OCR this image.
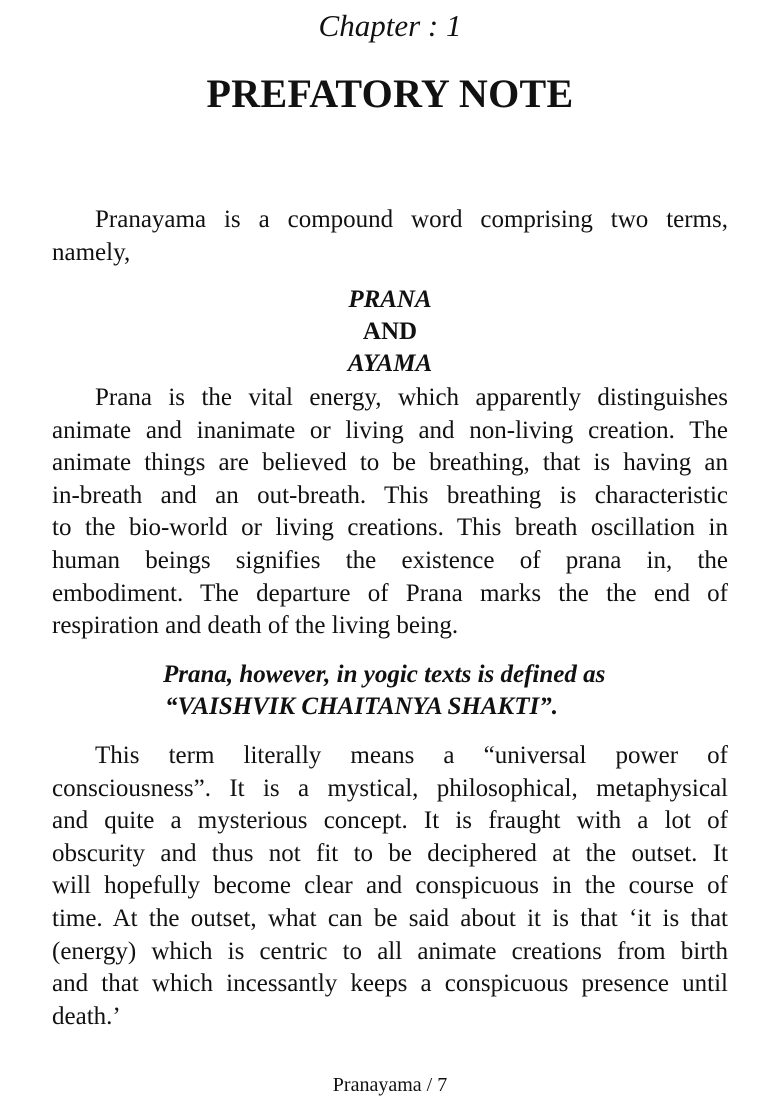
Chapter : 1
PREFATORY NOTE
Pranayama is a compound word comprising two terms,
namely,
PRANA
AND
AYAMA
Prana is the vital energy, which apparently distinguishes
animate and inanimate or living and non-living creation. The
animate things are believed to be breathing, that is having an
in-breath and an out-breath. This breathing is characteristic
to the bio-world or living creations. This breath oscillation in
human beings signifies the existence of prana in, the
embodiment. The departure of Prana marks the the end of
respiration and death of the living being.
Prana, however, in yogic texts is defined as
“VAISHVIK CHAITANYA SHAKTI”.
This term literally means a “universal power of
consciousness”. It is a mystical, philosophical, metaphysical
and quite a mysterious concept. It is fraught with a lot of
obscurity and thus not fit to be deciphered at the outset. It
will hopefully become clear and conspicuous in the course of
time. At the outset, what can be said about it is that ‘it is that
(energy) which is centric to all animate creations from birth
and that which incessantly keeps a conspicuous presence until
death.’
Pranayama / 7
